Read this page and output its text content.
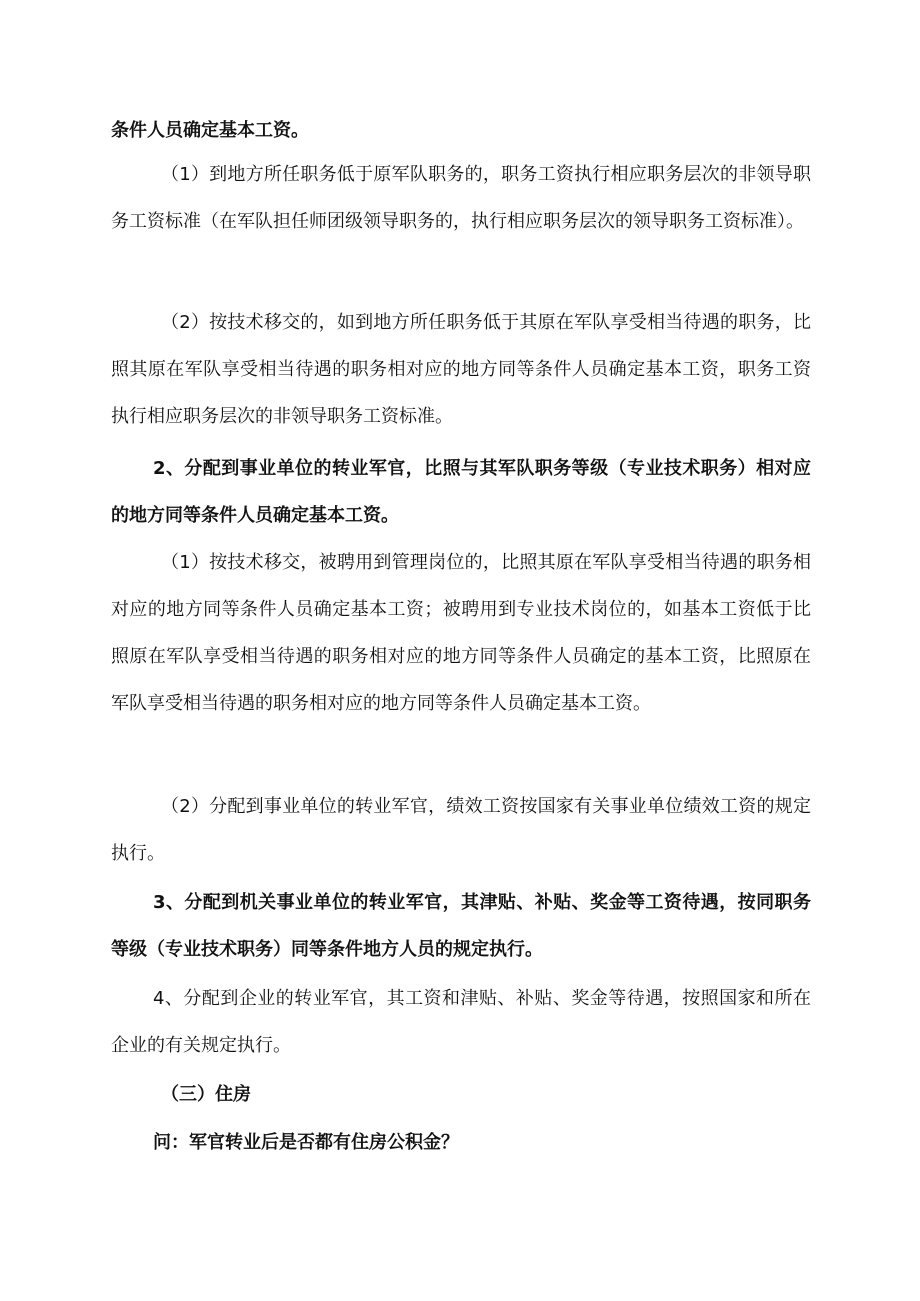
条件人员确定基本工资。

（1）到地方所任职务低于原军队职务的，职务工资执行相应职务层次的非领导职务工资标准（在军队担任师团级领导职务的，执行相应职务层次的领导职务工资标准）。

（2）按技术移交的，如到地方所任职务低于其原在军队享受相当待遇的职务，比照其原在军队享受相当待遇的职务相对应的地方同等条件人员确定基本工资，职务工资执行相应职务层次的非领导职务工资标准。

2、分配到事业单位的转业军官，比照与其军队职务等级（专业技术职务）相对应的地方同等条件人员确定基本工资。

（1）按技术移交，被聘用到管理岗位的，比照其原在军队享受相当待遇的职务相对应的地方同等条件人员确定基本工资；被聘用到专业技术岗位的，如基本工资低于比照原在军队享受相当待遇的职务相对应的地方同等条件人员确定的基本工资，比照原在军队享受相当待遇的职务相对应的地方同等条件人员确定基本工资。

（2）分配到事业单位的转业军官，绩效工资按国家有关事业单位绩效工资的规定执行。

3、分配到机关事业单位的转业军官，其津贴、补贴、奖金等工资待遇，按同职务等级（专业技术职务）同等条件地方人员的规定执行。

4、分配到企业的转业军官，其工资和津贴、补贴、奖金等待遇，按照国家和所在企业的有关规定执行。

（三）住房

问：军官转业后是否都有住房公积金？
